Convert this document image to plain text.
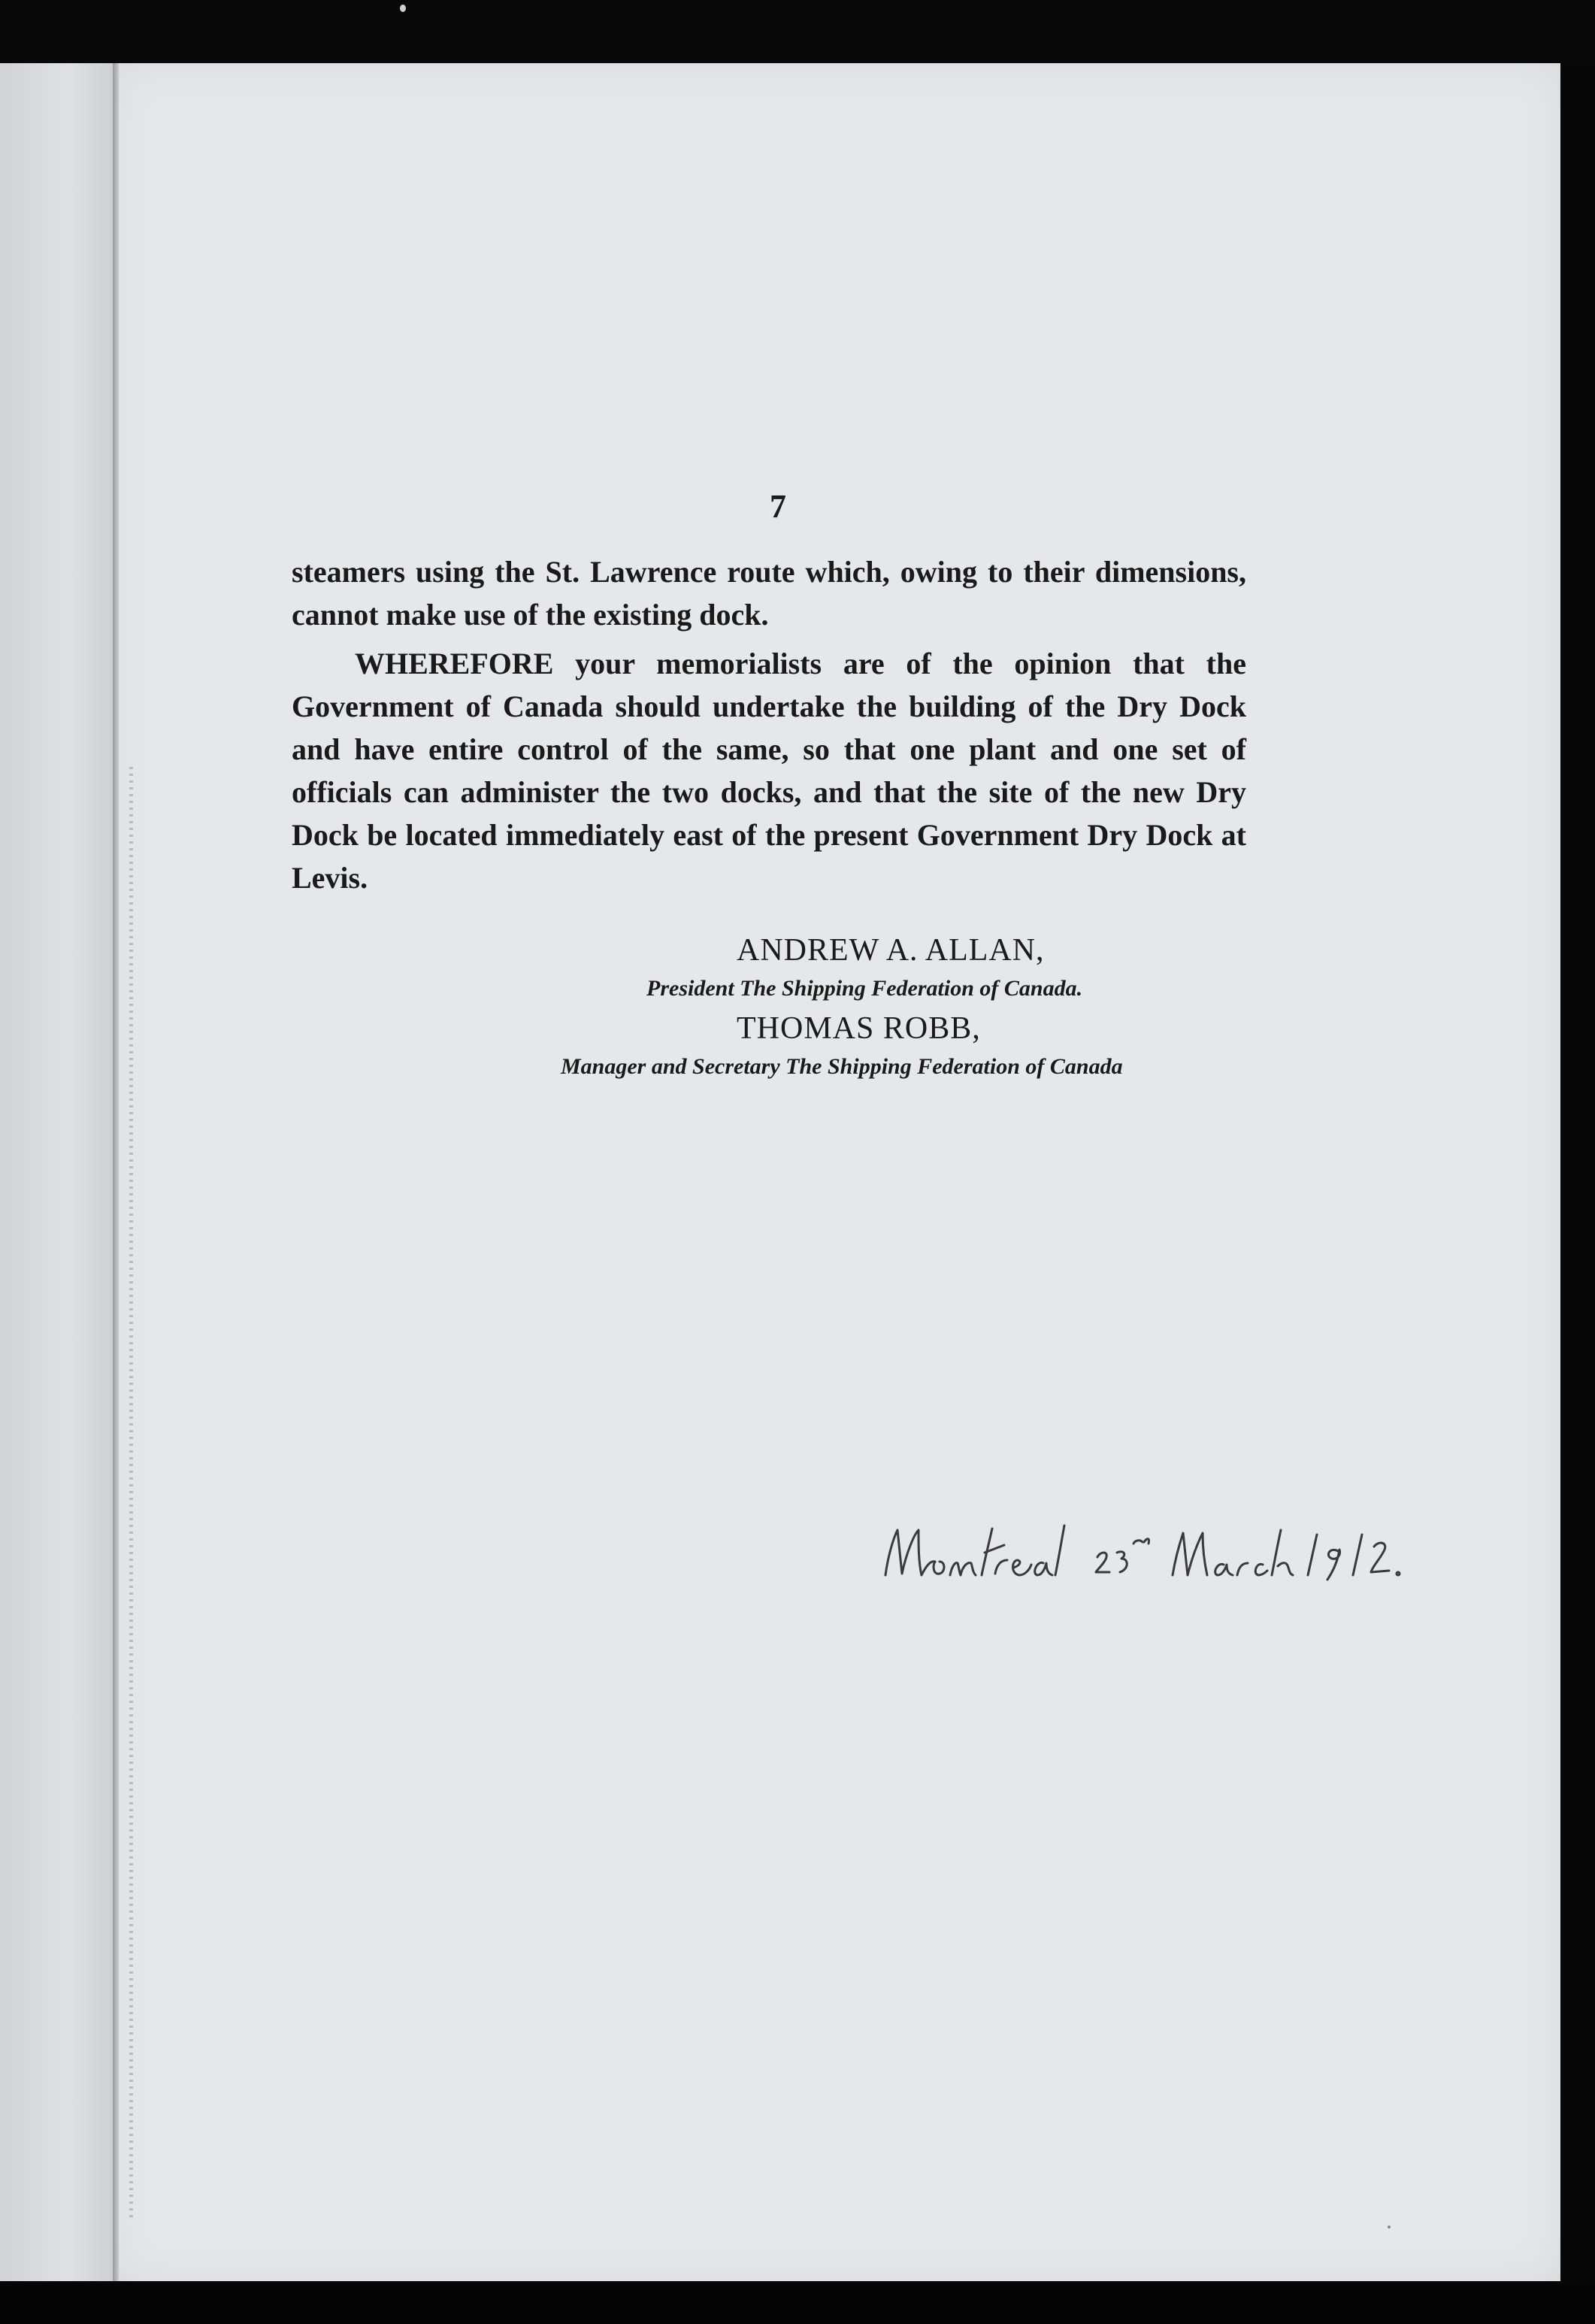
7

steamers using the St. Lawrence route which, owing to their dimensions, cannot make use of the existing dock.

WHEREFORE your memorialists are of the opinion that the Government of Canada should undertake the building of the Dry Dock and have entire control of the same, so that one plant and one set of officials can administer the two docks, and that the site of the new Dry Dock be located immediately east of the present Government Dry Dock at Levis.

ANDREW A. ALLAN,
President The Shipping Federation of Canada.
THOMAS ROBB,
Manager and Secretary The Shipping Federation of Canada
